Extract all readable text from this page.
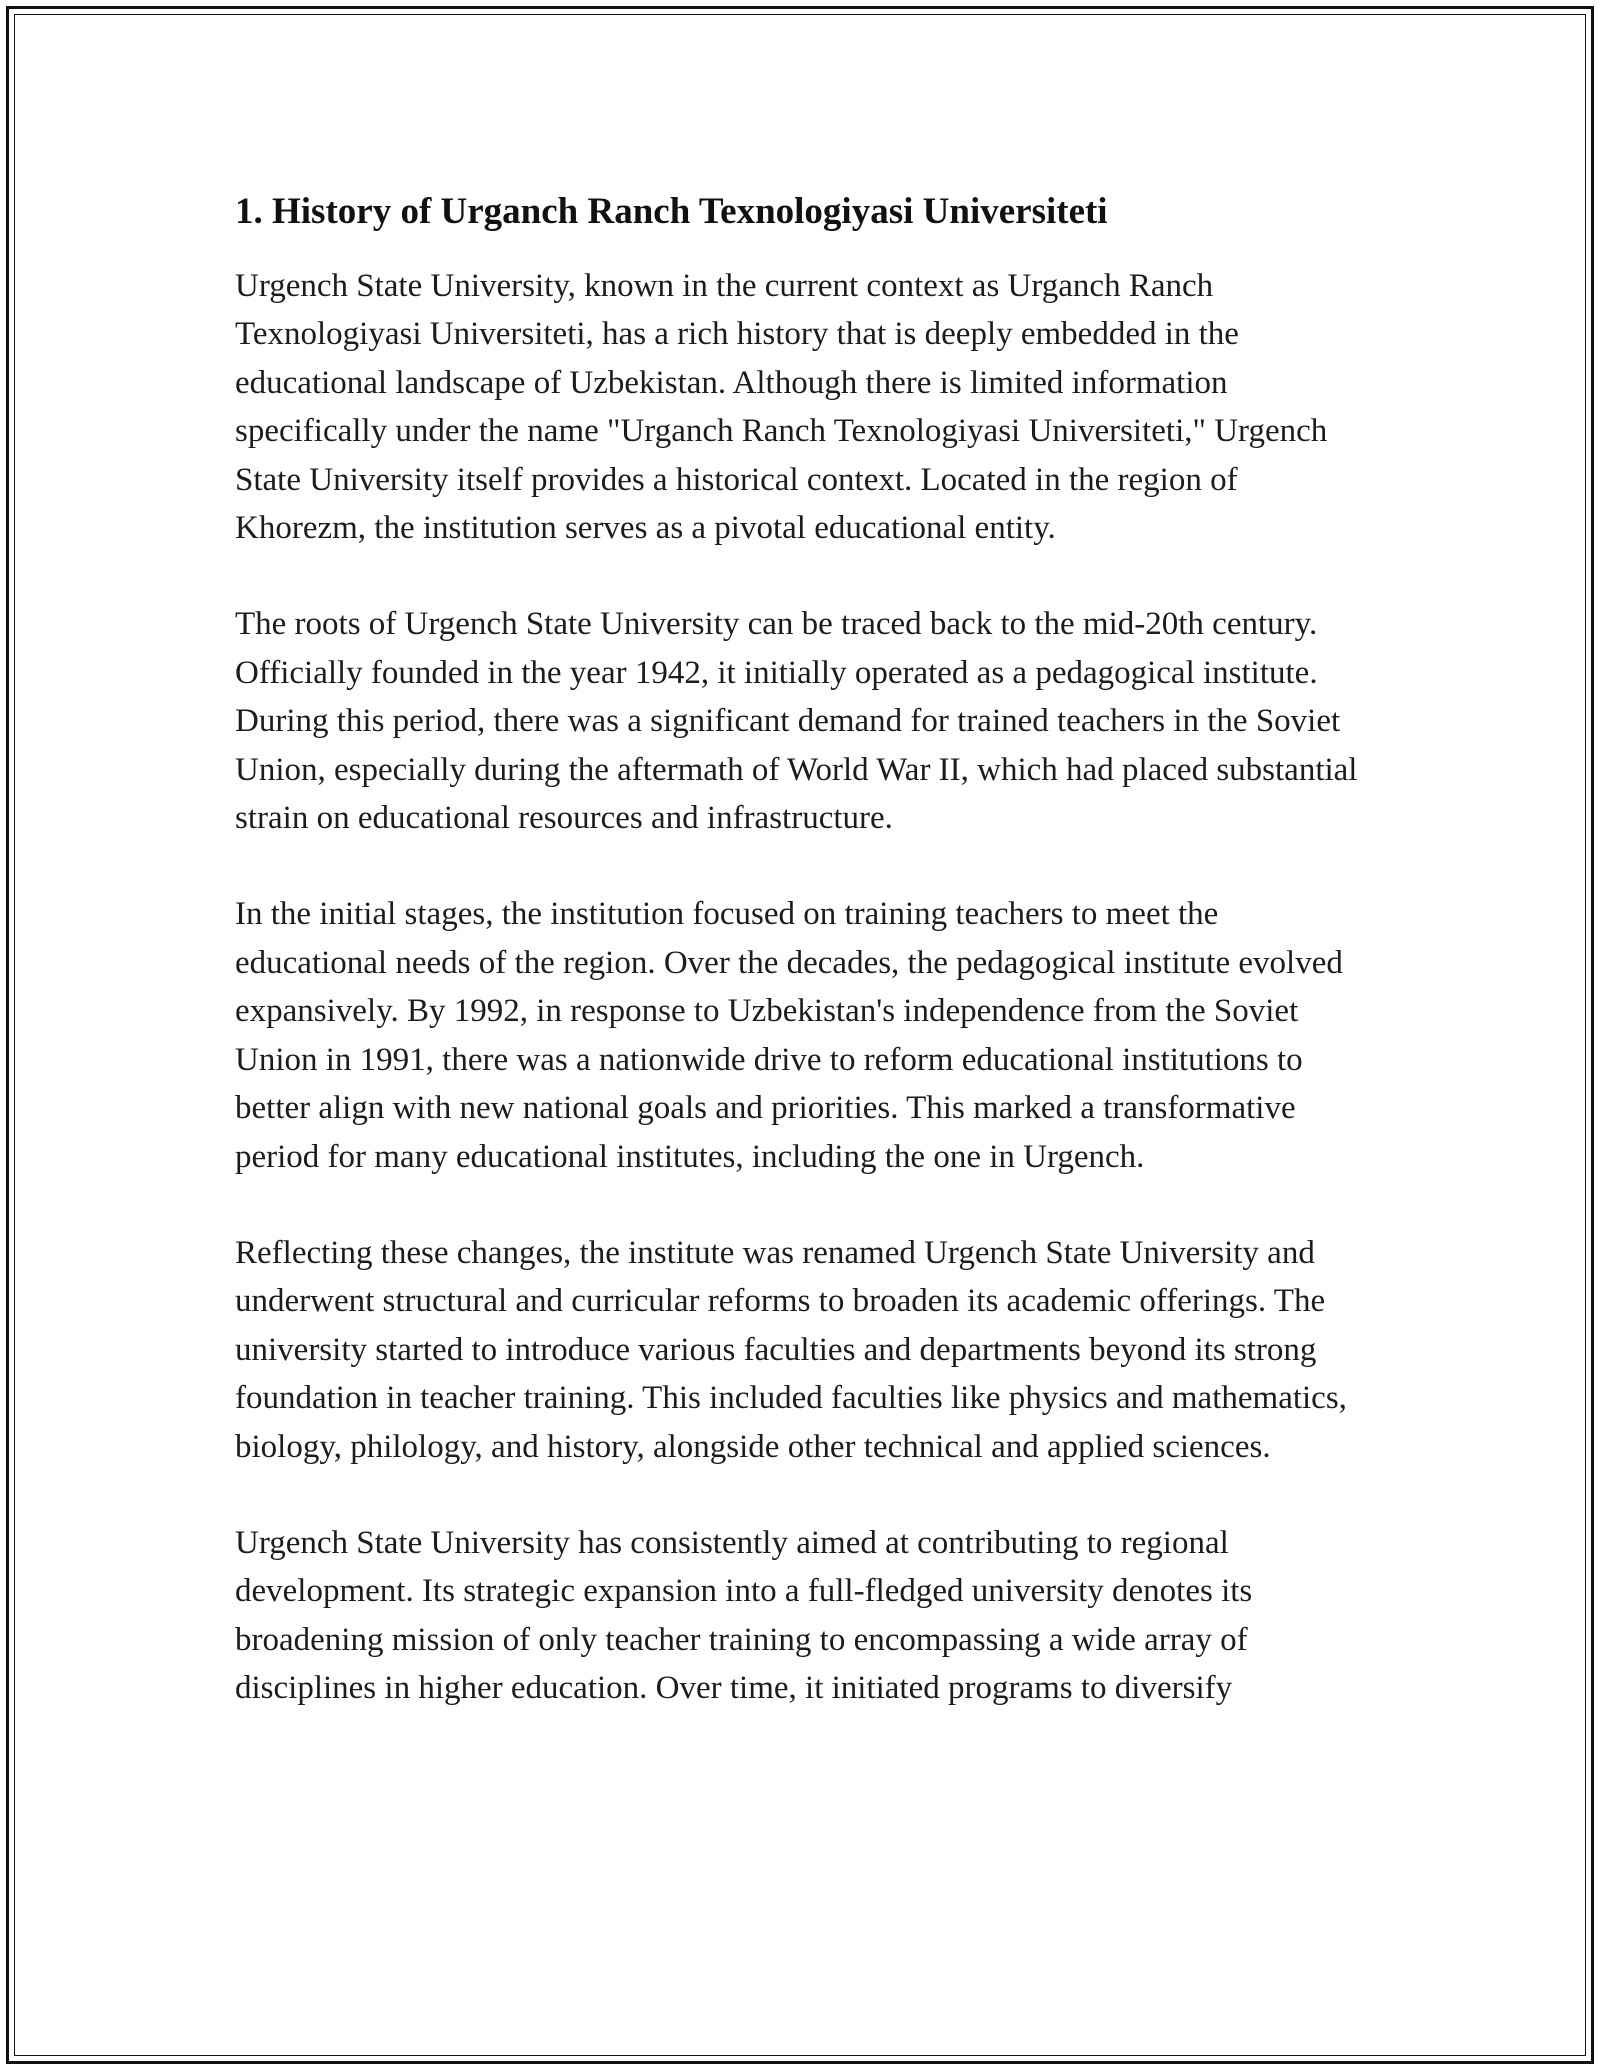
1. History of Urganch Ranch Texnologiyasi Universiteti

Urgench State University, known in the current context as Urganch Ranch Texnologiyasi Universiteti, has a rich history that is deeply embedded in the educational landscape of Uzbekistan. Although there is limited information specifically under the name "Urganch Ranch Texnologiyasi Universiteti," Urgench State University itself provides a historical context. Located in the region of Khorezm, the institution serves as a pivotal educational entity.

The roots of Urgench State University can be traced back to the mid-20th century. Officially founded in the year 1942, it initially operated as a pedagogical institute. During this period, there was a significant demand for trained teachers in the Soviet Union, especially during the aftermath of World War II, which had placed substantial strain on educational resources and infrastructure.

In the initial stages, the institution focused on training teachers to meet the educational needs of the region. Over the decades, the pedagogical institute evolved expansively. By 1992, in response to Uzbekistan's independence from the Soviet Union in 1991, there was a nationwide drive to reform educational institutions to better align with new national goals and priorities. This marked a transformative period for many educational institutes, including the one in Urgench.

Reflecting these changes, the institute was renamed Urgench State University and underwent structural and curricular reforms to broaden its academic offerings. The university started to introduce various faculties and departments beyond its strong foundation in teacher training. This included faculties like physics and mathematics, biology, philology, and history, alongside other technical and applied sciences.

Urgench State University has consistently aimed at contributing to regional development. Its strategic expansion into a full-fledged university denotes its broadening mission of only teacher training to encompassing a wide array of disciplines in higher education. Over time, it initiated programs to diversify
